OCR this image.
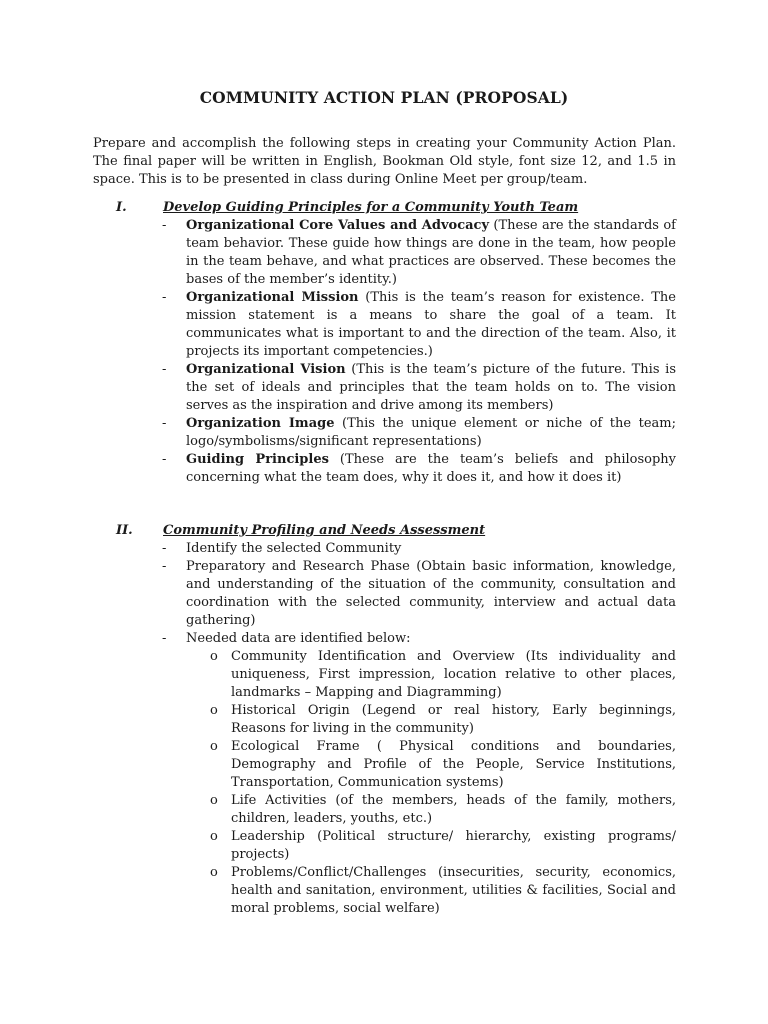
COMMUNITY ACTION PLAN (PROPOSAL)
Prepare and accomplish the following steps in creating your Community Action Plan. The final paper will be written in English, Bookman Old style, font size 12, and 1.5 in space. This is to be presented in class during Online Meet per group/team.
I.	Develop Guiding Principles for a Community Youth Team
-	Organizational Core Values and Advocacy (These are the standards of team behavior. These guide how things are done in the team, how people in the team behave, and what practices are observed. These becomes the bases of the member’s identity.)
-	Organizational Mission (This is the team’s reason for existence. The mission statement is a means to share the goal of a team. It communicates what is important to and the direction of the team. Also, it projects its important competencies.)
-	Organizational Vision (This is the team’s picture of the future. This is the set of ideals and principles that the team holds on to. The vision serves as the inspiration and drive among its members)
-	Organization Image (This the unique element or niche of the team; logo/symbolisms/significant representations)
-	Guiding Principles (These are the team’s beliefs and philosophy concerning what the team does, why it does it, and how it does it)
II.	Community Profiling and Needs Assessment
-	Identify the selected Community
-	Preparatory and Research Phase (Obtain basic information, knowledge, and understanding of the situation of the community, consultation and coordination with the selected community, interview and actual data gathering)
-	Needed data are identified below:
o	Community Identification and Overview (Its individuality and uniqueness, First impression, location relative to other places, landmarks – Mapping and Diagramming)
o	Historical Origin (Legend or real history, Early beginnings, Reasons for living in the community)
o	Ecological Frame ( Physical conditions and boundaries, Demography and Profile of the People, Service Institutions, Transportation, Communication systems)
o	Life Activities (of the members, heads of the family, mothers, children, leaders, youths, etc.)
o	Leadership (Political structure/ hierarchy, existing programs/ projects)
o	Problems/Conflict/Challenges (insecurities, security, economics, health and sanitation, environment, utilities & facilities, Social and moral problems, social welfare)
